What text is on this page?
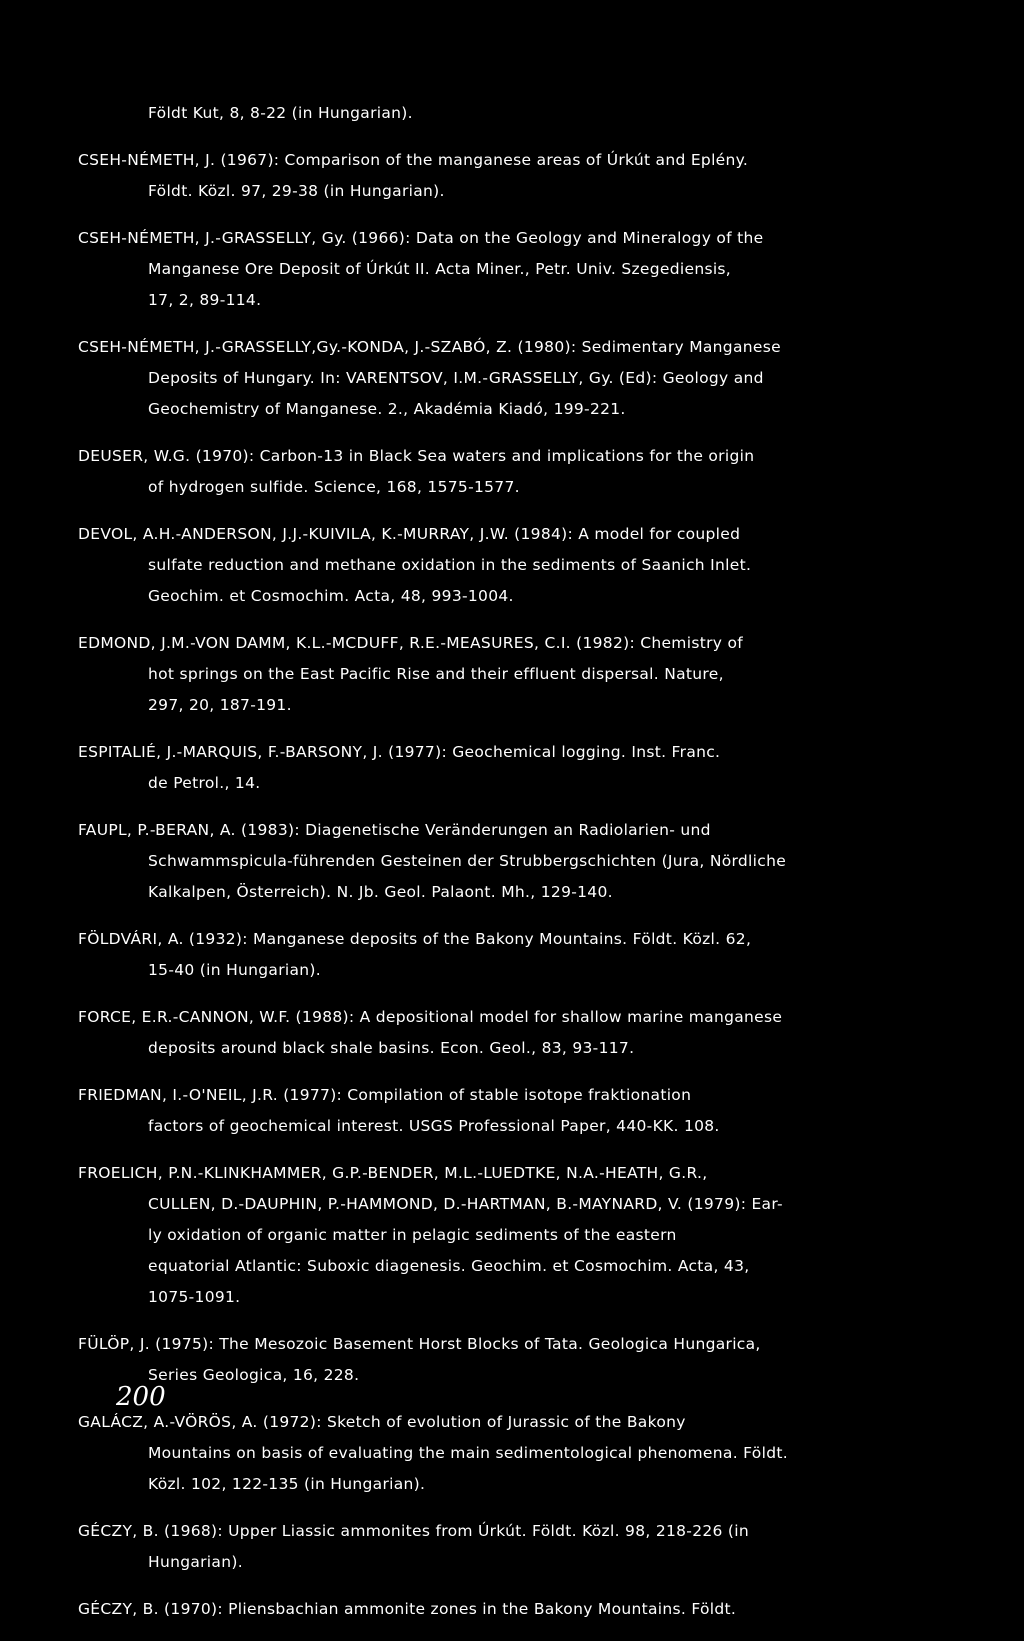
Földt Kut, 8, 8-22 (in Hungarian).
CSEH-NÉMETH, J. (1967): Comparison of the manganese areas of Úrkút and Eplény.
Földt. Közl. 97, 29-38 (in Hungarian).
CSEH-NÉMETH, J.-GRASSELLY, Gy. (1966): Data on the Geology and Mineralogy of the
Manganese Ore Deposit of Úrkút II. Acta Miner., Petr. Univ. Szegediensis,
17, 2, 89-114.
CSEH-NÉMETH, J.-GRASSELLY,Gy.-KONDA, J.-SZABÓ, Z. (1980): Sedimentary Manganese
Deposits of Hungary. In: VARENTSOV, I.M.-GRASSELLY, Gy. (Ed): Geology and
Geochemistry of Manganese. 2., Akadémia Kiadó, 199-221.
DEUSER, W.G. (1970): Carbon-13 in Black Sea waters and implications for the origin
of hydrogen sulfide. Science, 168, 1575-1577.
DEVOL, A.H.-ANDERSON, J.J.-KUIVILA, K.-MURRAY, J.W. (1984): A model for coupled
sulfate reduction and methane oxidation in the sediments of Saanich Inlet.
Geochim. et Cosmochim. Acta, 48, 993-1004.
EDMOND, J.M.-VON DAMM, K.L.-MCDUFF, R.E.-MEASURES, C.I. (1982): Chemistry of
hot springs on the East Pacific Rise and their effluent dispersal. Nature,
297, 20, 187-191.
ESPITALIÉ, J.-MARQUIS, F.-BARSONY, J. (1977): Geochemical logging. Inst. Franc.
de Petrol., 14.
FAUPL, P.-BERAN, A. (1983): Diagenetische Veränderungen an Radiolarien- und
Schwammspicula-führenden Gesteinen der Strubbergschichten (Jura, Nördliche
Kalkalpen, Österreich). N. Jb. Geol. Palaont. Mh., 129-140.
FÖLDVÁRI, A. (1932): Manganese deposits of the Bakony Mountains. Földt. Közl. 62,
15-40 (in Hungarian).
FORCE, E.R.-CANNON, W.F. (1988): A depositional model for shallow marine manganese
deposits around black shale basins. Econ. Geol., 83, 93-117.
FRIEDMAN, I.-O'NEIL, J.R. (1977): Compilation of stable isotope fraktionation
factors of geochemical interest. USGS Professional Paper, 440-KK. 108.
FROELICH, P.N.-KLINKHAMMER, G.P.-BENDER, M.L.-LUEDTKE, N.A.-HEATH, G.R.,
CULLEN, D.-DAUPHIN, P.-HAMMOND, D.-HARTMAN, B.-MAYNARD, V. (1979): Ear-
ly oxidation of organic matter in pelagic sediments of the eastern
equatorial Atlantic: Suboxic diagenesis. Geochim. et Cosmochim. Acta, 43,
1075-1091.
FÜLÖP, J. (1975): The Mesozoic Basement Horst Blocks of Tata. Geologica Hungarica,
Series Geologica, 16, 228.
GALÁCZ, A.-VÖRÖS, A. (1972): Sketch of evolution of Jurassic of the Bakony
Mountains on basis of evaluating the main sedimentological phenomena. Földt.
Közl. 102, 122-135 (in Hungarian).
GÉCZY, B. (1968): Upper Liassic ammonites from Úrkút. Földt. Közl. 98, 218-226 (in
Hungarian).
GÉCZY, B. (1970): Pliensbachian ammonite zones in the Bakony Mountains. Földt.
200
